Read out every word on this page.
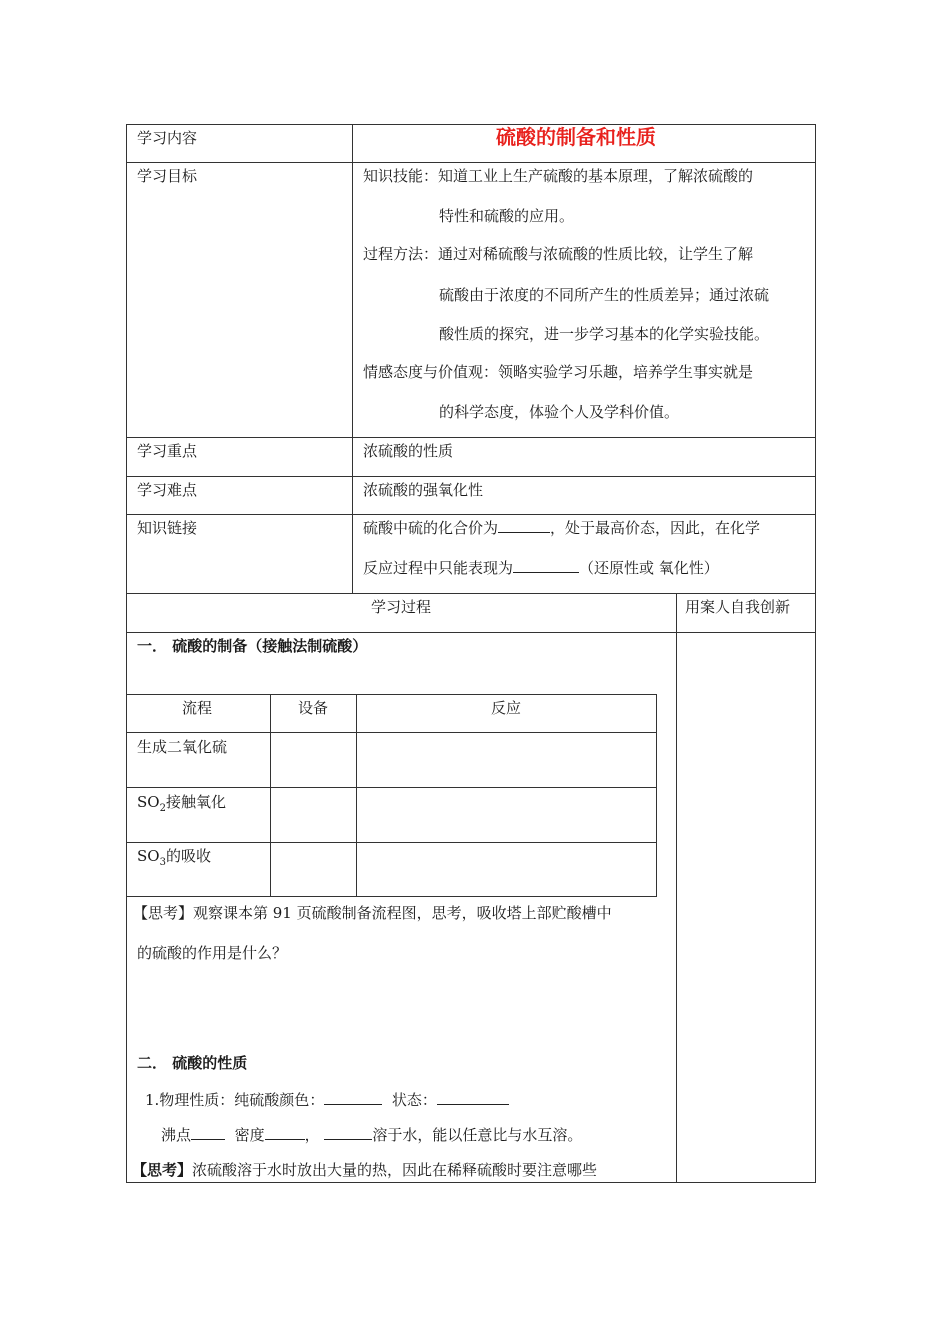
学习内容	硫酸的制备和性质
学习目标	知识技能：知道工业上生产硫酸的基本原理，了解浓硫酸的
特性和硫酸的应用。
过程方法：通过对稀硫酸与浓硫酸的性质比较，让学生了解
硫酸由于浓度的不同所产生的性质差异；通过浓硫
酸性质的探究，进一步学习基本的化学实验技能。
情感态度与价值观：领略实验学习乐趣，培养学生事实就是
的科学态度，体验个人及学科价值。
学习重点	浓硫酸的性质
学习难点	浓硫酸的强氧化性
知识链接	硫酸中硫的化合价为	，处于最高价态，因此，在化学
反应过程中只能表现为	（还原性或 氧化性）
学习过程	用案人自我创新
一． 硫酸的制备（接触法制硫酸）
流程	设备	反应
生成二氧化硫
$SO_2$接触氧化
$SO_3$的吸收
【思考】观察课本第 91 页硫酸制备流程图，思考，吸收塔上部贮酸槽中
的硫酸的作用是什么？
二． 硫酸的性质
1.物理性质：纯硫酸颜色：	状态：
沸点	密度	，	溶于水，能以任意比与水互溶。
【思考】浓硫酸溶于水时放出大量的热，因此在稀释硫酸时要注意哪些
